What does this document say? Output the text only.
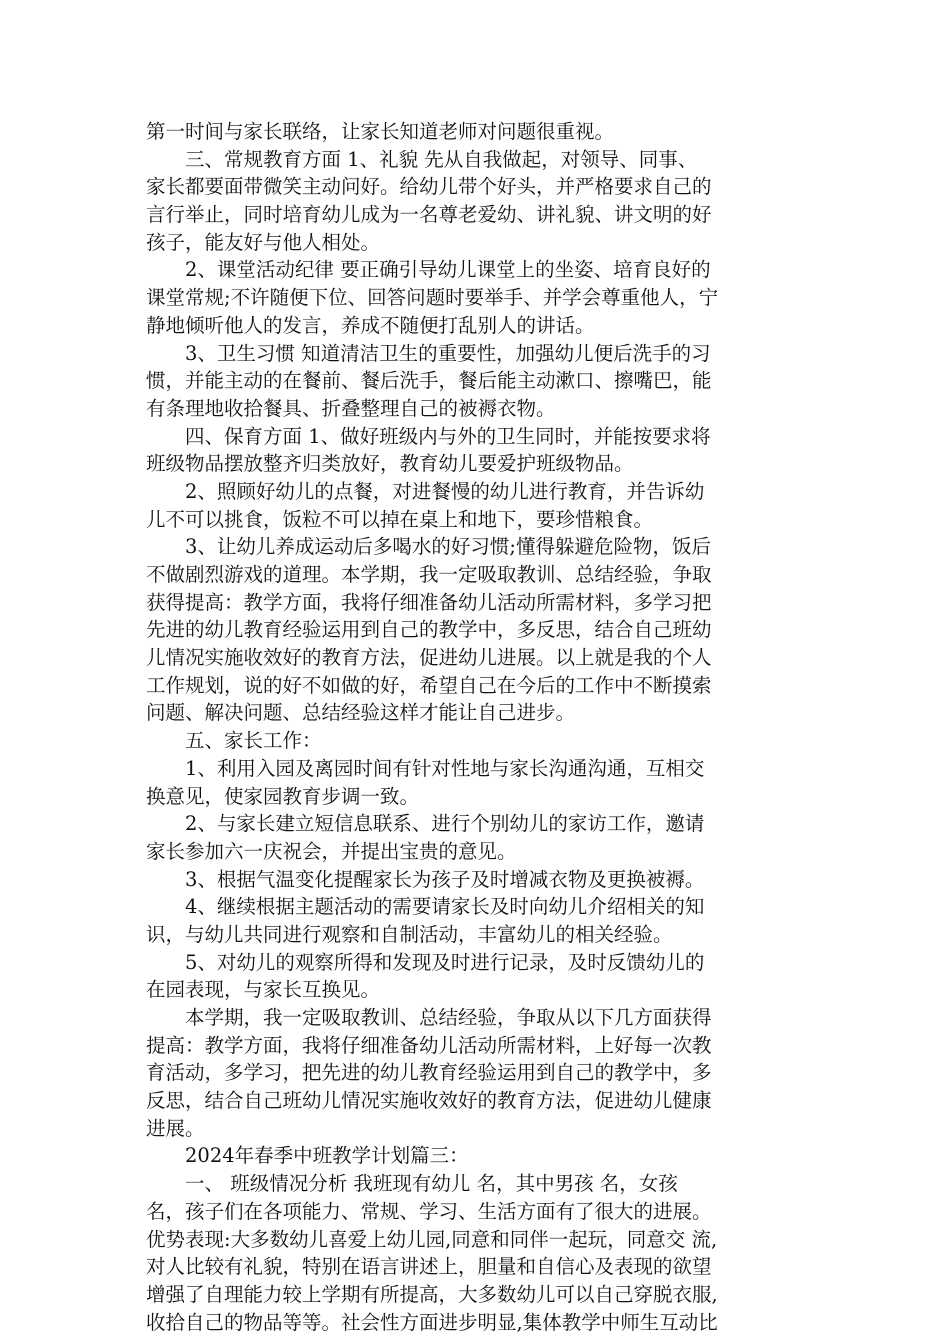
第一时间与家长联络，让家长知道老师对问题很重视。
　　三、常规教育方面 1、礼貌 先从自我做起，对领导、同事、
家长都要面带微笑主动问好。给幼儿带个好头，并严格要求自己的
言行举止，同时培育幼儿成为一名尊老爱幼、讲礼貌、讲文明的好
孩子，能友好与他人相处。
　　2、课堂活动纪律 要正确引导幼儿课堂上的坐姿、培育良好的
课堂常规;不许随便下位、回答问题时要举手、并学会尊重他人，宁
静地倾听他人的发言，养成不随便打乱别人的讲话。
　　3、卫生习惯 知道清洁卫生的重要性，加强幼儿便后洗手的习
惯，并能主动的在餐前、餐后洗手，餐后能主动漱口、擦嘴巴，能
有条理地收拾餐具、折叠整理自己的被褥衣物。
　　四、保育方面 1、做好班级内与外的卫生同时，并能按要求将
班级物品摆放整齐归类放好，教育幼儿要爱护班级物品。
　　2、照顾好幼儿的点餐，对进餐慢的幼儿进行教育，并告诉幼
儿不可以挑食，饭粒不可以掉在桌上和地下，要珍惜粮食。
　　3、让幼儿养成运动后多喝水的好习惯;懂得躲避危险物，饭后
不做剧烈游戏的道理。本学期，我一定吸取教训、总结经验，争取
获得提高：教学方面，我将仔细准备幼儿活动所需材料，多学习把
先进的幼儿教育经验运用到自己的教学中，多反思，结合自己班幼
儿情况实施收效好的教育方法，促进幼儿进展。以上就是我的个人
工作规划，说的好不如做的好，希望自己在今后的工作中不断摸索
问题、解决问题、总结经验这样才能让自己进步。
　　五、家长工作：
　　1、利用入园及离园时间有针对性地与家长沟通沟通，互相交
换意见，使家园教育步调一致。
　　2、与家长建立短信息联系、进行个别幼儿的家访工作，邀请
家长参加六一庆祝会，并提出宝贵的意见。
　　3、根据气温变化提醒家长为孩子及时增减衣物及更换被褥。
　　4、继续根据主题活动的需要请家长及时向幼儿介绍相关的知
识，与幼儿共同进行观察和自制活动，丰富幼儿的相关经验。
　　5、对幼儿的观察所得和发现及时进行记录，及时反馈幼儿的
在园表现，与家长互换见。
　　本学期，我一定吸取教训、总结经验，争取从以下几方面获得
提高：教学方面，我将仔细准备幼儿活动所需材料，上好每一次教
育活动，多学习，把先进的幼儿教育经验运用到自己的教学中，多
反思，结合自己班幼儿情况实施收效好的教育方法，促进幼儿健康
进展。
　　2024年春季中班教学计划篇三：
　　一、 班级情况分析 我班现有幼儿 名，其中男孩 名，女孩
名，孩子们在各项能力、常规、学习、生活方面有了很大的进展。
优势表现:大多数幼儿喜爱上幼儿园,同意和同伴一起玩，同意交 流,
对人比较有礼貌，特别在语言讲述上，胆量和自信心及表现的欲望
增强了自理能力较上学期有所提高，大多数幼儿可以自己穿脱衣服,
收拾自己的物品等等。社会性方面进步明显,集体教学中师生互动比
